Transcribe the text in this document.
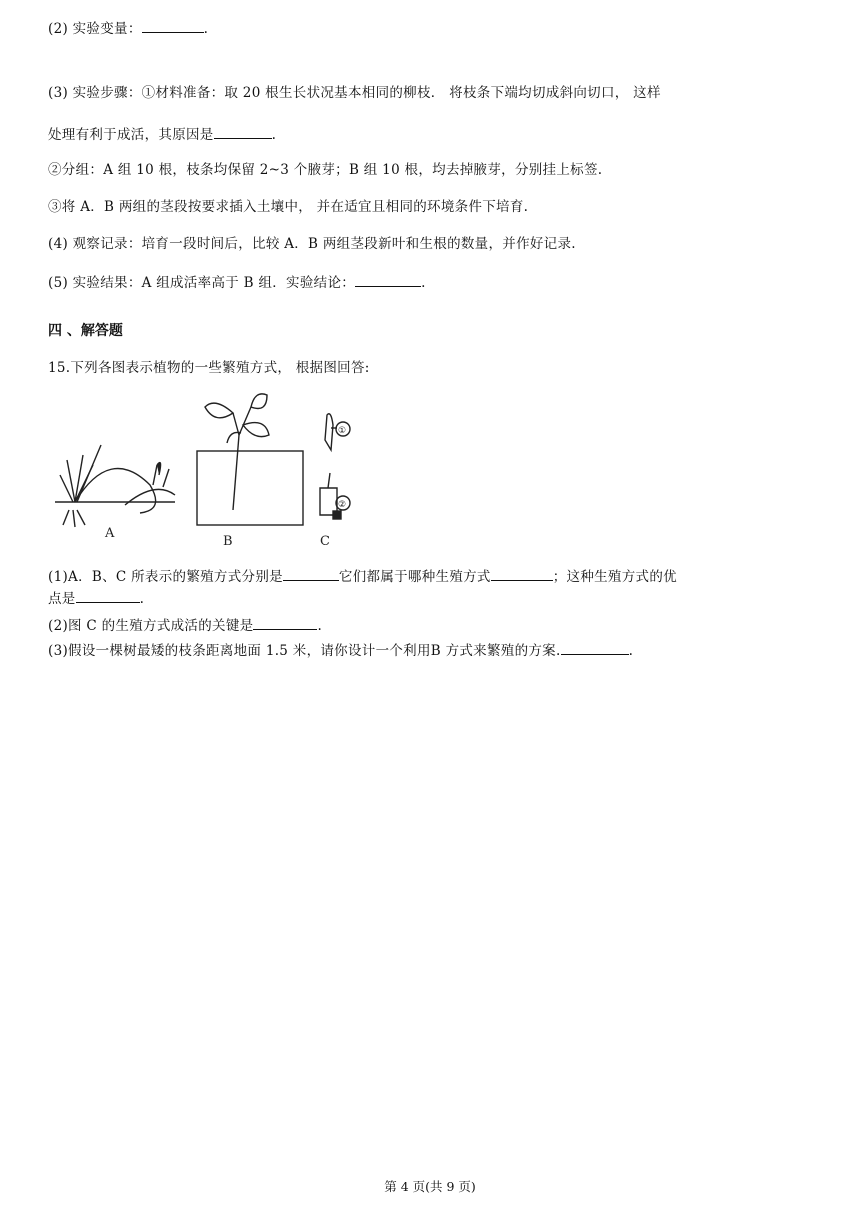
(2) 实验变量：	.
(3) 实验步骤：①材料准备：取 20 根生长状况基本相同的柳枝． 将枝条下端均切成斜向切口， 这样
处理有利于成活，其原因是	.
②分组：A 组 10 根，枝条均保留 2~3 个腋芽；B 组 10 根，均去掉腋芽，分别挂上标签.
③将 A．B 两组的茎段按要求插入土壤中， 并在适宜且相同的环境条件下培育.
(4) 观察记录：培育一段时间后，比较 A．B 两组茎段新叶和生根的数量，并作好记录.
(5) 实验结果：A 组成活率高于 B 组．实验结论：	.
四 、解答题
15.下列各图表示植物的一些繁殖方式， 根据图回答:
A
B	C
①
②
(1)A．B、C 所表示的繁殖方式分别是	它们都属于哪种生殖方式	；这种生殖方式的优
点是	.
(2)图 C 的生殖方式成活的关键是	.
(3)假设一棵树最矮的枝条距离地面 1.5 米，请你设计一个利用B 方式来繁殖的方案.	.
第 4 页(共 9 页)
